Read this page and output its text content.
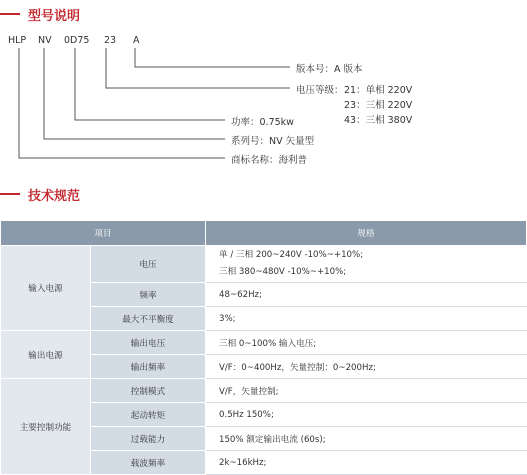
型号说明
HLP NV 0D75 23 A
版本号：A 版本
电压等级： 21：单相 220V
23：三相 220V
43：三相 380V
功率：0.75kw
系列号：NV 矢量型
商标名称：海利普
技术规范
项目		规格
输入电源	电压	单 / 三相 200~240V -10%~+10%;
三相 380~480V -10%~+10%;

	频率	48~62Hz;
	最大不平衡度	3%;
输出电源	输出电压	三相 0~100% 输入电压;
	输出频率	V/F：0~400Hz，矢量控制：0~200Hz;
主要控制功能	控制模式	V/F，矢量控制;
	起动转矩	0.5Hz 150%;
	过载能力	150% 额定输出电流 (60s);
	载波频率	2k~16kHz;
